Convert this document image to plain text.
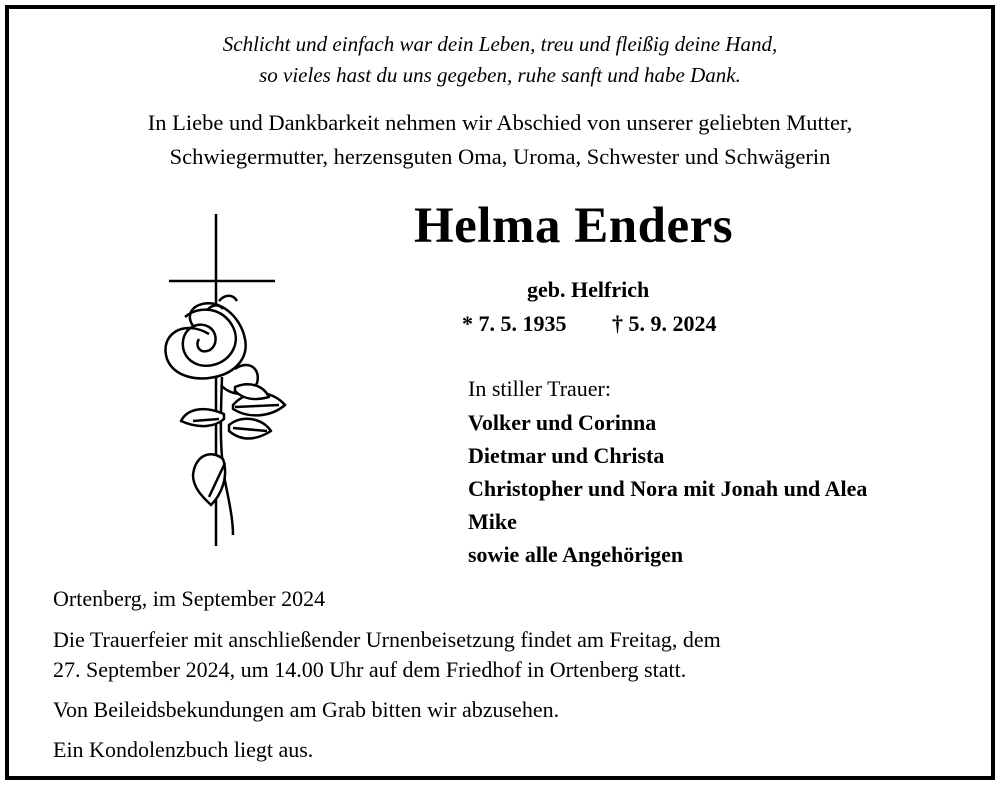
Schlicht und einfach war dein Leben, treu und fleißig deine Hand,

so vieles hast du uns gegeben, ruhe sanft und habe Dank.

In Liebe und Dankbarkeit nehmen wir Abschied von unserer geliebten Mutter,

Schwiegermutter, herzensguten Oma, Uroma, Schwester und Schwägerin

Helma Enders

geb. Helfrich

* 7. 5. 1935 † 5. 9. 2024

In stiller Trauer:

Volker und Corinna

Dietmar und Christa

Christopher und Nora mit Jonah und Alea

Mike

sowie alle Angehörigen

Ortenberg, im September 2024

Die Trauerfeier mit anschließender Urnenbeisetzung findet am Freitag, dem

27. September 2024, um 14.00 Uhr auf dem Friedhof in Ortenberg statt.

Von Beileidsbekundungen am Grab bitten wir abzusehen.

Ein Kondolenzbuch liegt aus.
